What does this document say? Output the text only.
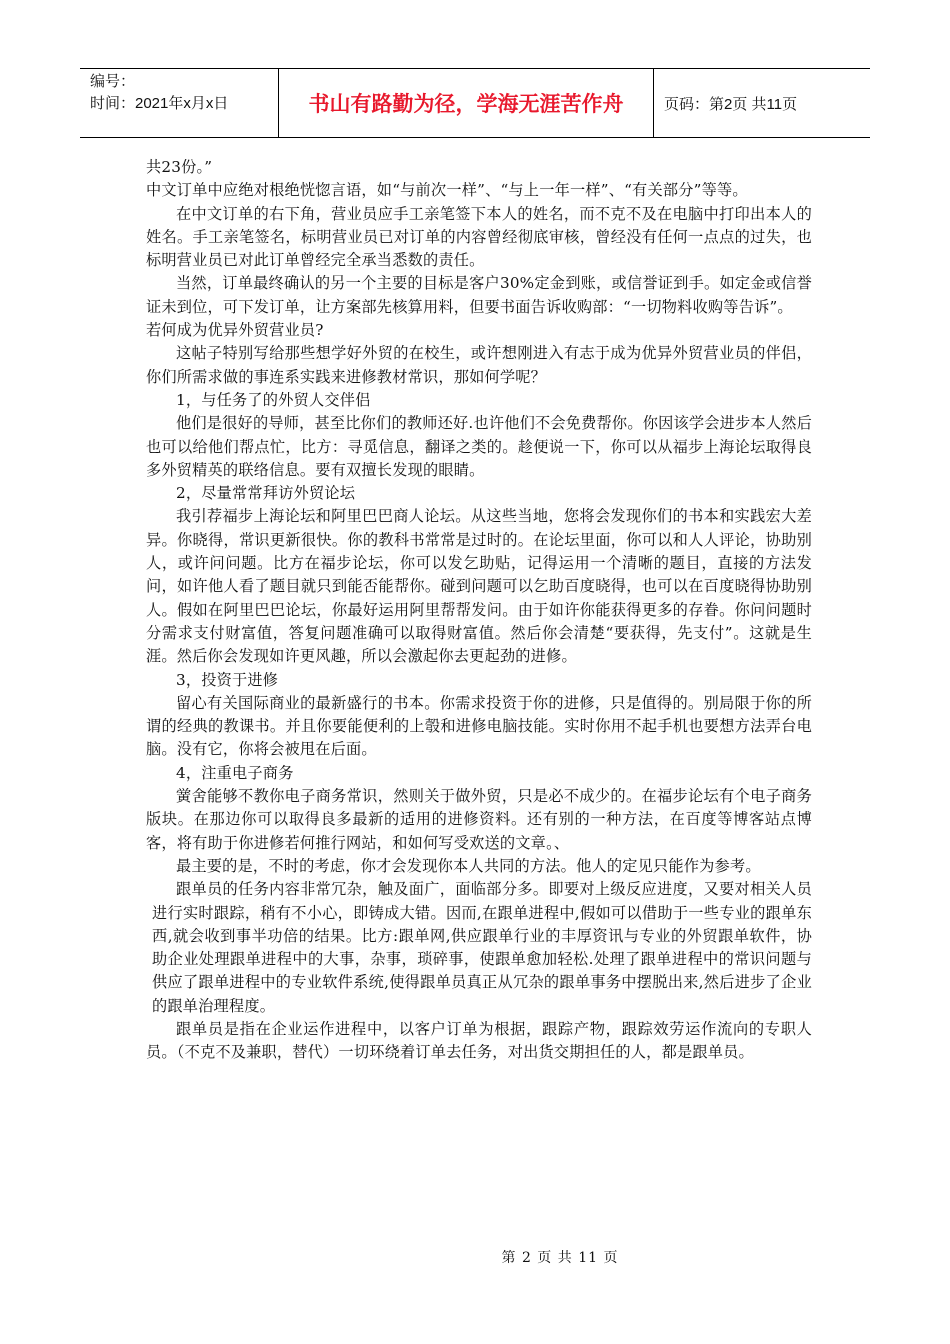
编号：
时间：2021年x月x日	书山有路勤为径，学海无涯苦作舟	页码：第2页 共11页

共23份。”

中文订单中应绝对根绝恍惚言语，如“与前次一样”、“与上一年一样”、“有关部分”等等。

在中文订单的右下角，营业员应手工亲笔签下本人的姓名，而不克不及在电脑中打印出本人的姓名。手工亲笔签名，标明营业员已对订单的内容曾经彻底审核，曾经没有任何一点点的过失，也标明营业员已对此订单曾经完全承当悉数的责任。

当然，订单最终确认的另一个主要的目标是客户30%定金到账，或信誉证到手。如定金或信誉证未到位，可下发订单，让方案部先核算用料，但要书面告诉收购部：“一切物料收购等告诉”。

若何成为优异外贸营业员?

这帖子特别写给那些想学好外贸的在校生，或许想刚进入有志于成为优异外贸营业员的伴侣，你们所需求做的事连系实践来进修教材常识，那如何学呢？

1，与任务了的外贸人交伴侣

他们是很好的导师，甚至比你们的教师还好.也许他们不会免费帮你。你因该学会进步本人然后也可以给他们帮点忙，比方：寻觅信息，翻译之类的。趁便说一下，你可以从福步上海论坛取得良多外贸精英的联络信息。要有双擅长发现的眼睛。

2，尽量常常拜访外贸论坛

我引荐福步上海论坛和阿里巴巴商人论坛。从这些当地，您将会发现你们的书本和实践宏大差异。你晓得，常识更新很快。你的教科书常常是过时的。在论坛里面，你可以和人人评论，协助别人，或许问问题。比方在福步论坛，你可以发乞助贴，记得运用一个清晰的题目，直接的方法发问，如许他人看了题目就只到能否能帮你。碰到问题可以乞助百度晓得，也可以在百度晓得协助别人。假如在阿里巴巴论坛，你最好运用阿里帮帮发问。由于如许你能获得更多的存眷。你问问题时分需求支付财富值，答复问题准确可以取得财富值。然后你会清楚“要获得，先支付”。这就是生涯。然后你会发现如许更风趣，所以会激起你去更起劲的进修。

3，投资于进修

留心有关国际商业的最新盛行的书本。你需求投资于你的进修，只是值得的。别局限于你的所谓的经典的教课书。并且你要能便利的上彀和进修电脑技能。实时你用不起手机也要想方法弄台电脑。没有它，你将会被甩在后面。

4，注重电子商务

黉舍能够不教你电子商务常识，然则关于做外贸，只是必不成少的。在福步论坛有个电子商务版块。在那边你可以取得良多最新的适用的进修资料。还有别的一种方法，在百度等博客站点博客，将有助于你进修若何推行网站，和如何写受欢送的文章。、

最主要的是，不时的考虑，你才会发现你本人共同的方法。他人的定见只能作为参考。

跟单员的任务内容非常冗杂，触及面广，面临部分多。即要对上级反应进度，又要对相关人员进行实时跟踪，稍有不小心，即铸成大错。因而,在跟单进程中,假如可以借助于一些专业的跟单东西,就会收到事半功倍的结果。比方:跟单网,供应跟单行业的丰厚资讯与专业的外贸跟单软件，协助企业处理跟单进程中的大事，杂事，琐碎事，使跟单愈加轻松.处理了跟单进程中的常识问题与供应了跟单进程中的专业软件系统,使得跟单员真正从冗杂的跟单事务中摆脱出来,然后进步了企业的跟单治理程度。

跟单员是指在企业运作进程中，以客户订单为根据，跟踪产物，跟踪效劳运作流向的专职人员。（不克不及兼职，替代）一切环绕着订单去任务，对出货交期担任的人，都是跟单员。

第 2 页 共 11 页
